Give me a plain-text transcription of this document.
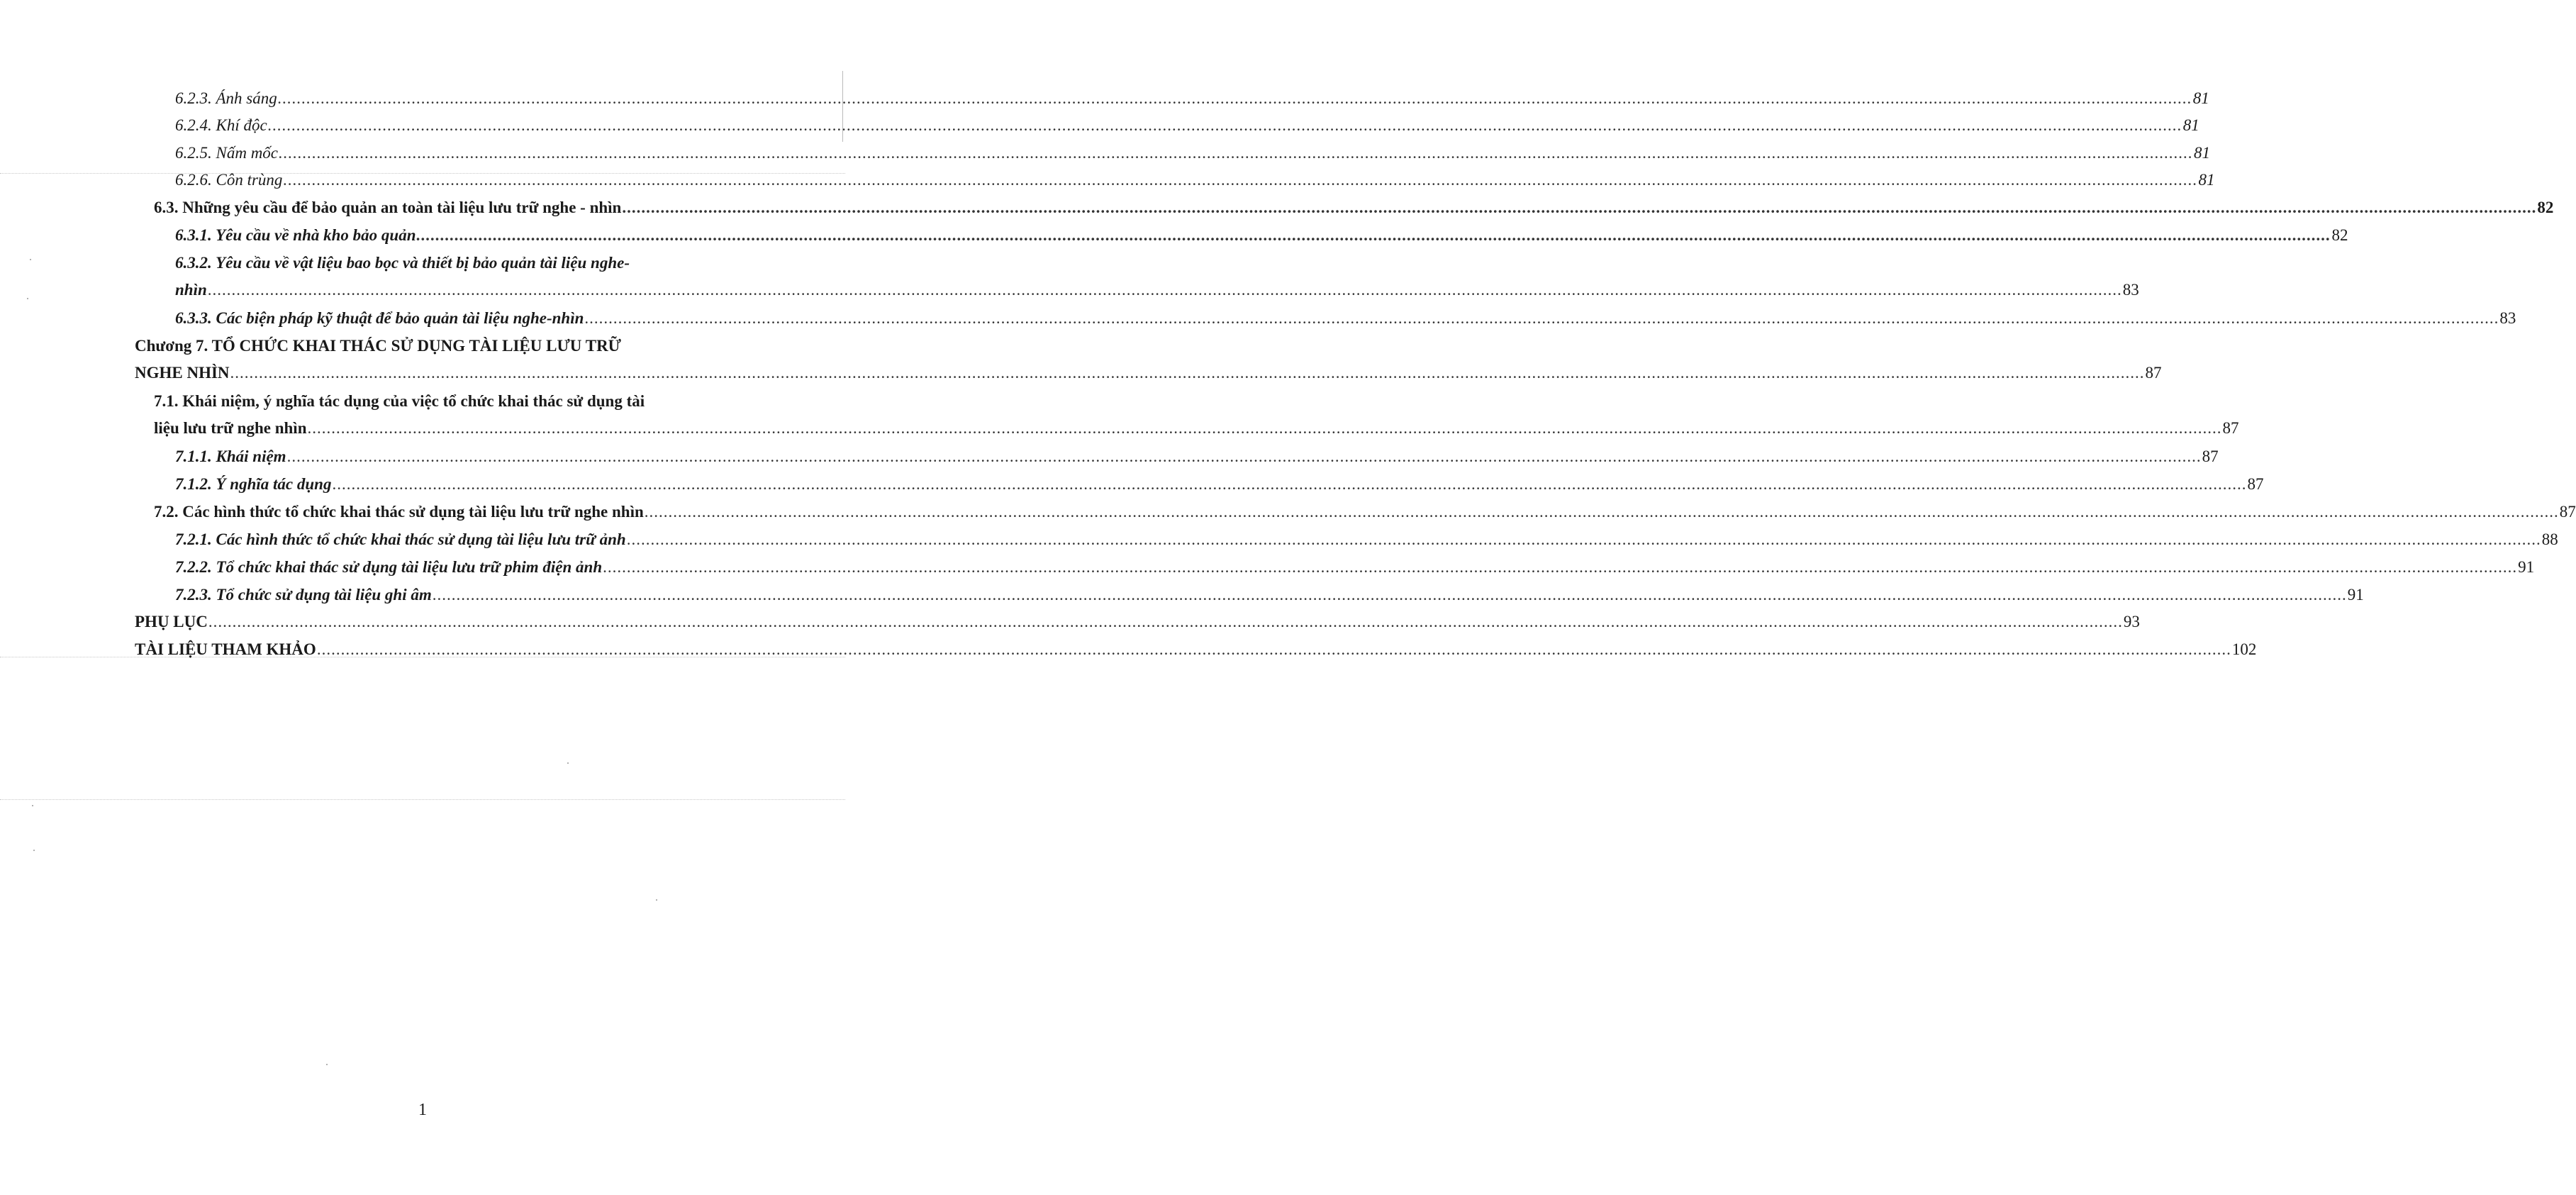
6.2.3. Ánh sáng ................................................................................................................................................................................................................................................................................................................................................................................................................ 81
6.2.4. Khí độc ................................................................................................................................................................................................................................................................................................................................................................................................................ 81
6.2.5. Nấm mốc ................................................................................................................................................................................................................................................................................................................................................................................................................ 81
6.2.6. Côn trùng ................................................................................................................................................................................................................................................................................................................................................................................................................ 81
6.3. Những yêu cầu để bảo quản an toàn tài liệu lưu trữ nghe - nhìn ................................................................................................................................................................................................................................................................................................................................................................................................................ 82
6.3.1. Yêu cầu về nhà kho bảo quản ................................................................................................................................................................................................................................................................................................................................................................................................................ 82
6.3.2. Yêu cầu về vật liệu bao bọc và thiết bị bảo quản tài liệu nghe-
nhìn ................................................................................................................................................................................................................................................................................................................................................................................................................ 83
6.3.3. Các biện pháp kỹ thuật để bảo quản tài liệu nghe-nhìn ................................................................................................................................................................................................................................................................................................................................................................................................................ 83
Chương 7. TỔ CHỨC KHAI THÁC SỬ DỤNG TÀI LIỆU LƯU TRỮ
NGHE NHÌN ................................................................................................................................................................................................................................................................................................................................................................................................................ 87
7.1. Khái niệm, ý nghĩa tác dụng của việc tổ chức khai thác sử dụng tài
liệu lưu trữ nghe nhìn ................................................................................................................................................................................................................................................................................................................................................................................................................ 87
7.1.1. Khái niệm ................................................................................................................................................................................................................................................................................................................................................................................................................ 87
7.1.2. Ý nghĩa tác dụng ................................................................................................................................................................................................................................................................................................................................................................................................................ 87
7.2. Các hình thức tổ chức khai thác sử dụng tài liệu lưu trữ nghe nhìn ................................................................................................................................................................................................................................................................................................................................................................................................................ 87
7.2.1. Các hình thức tổ chức khai thác sử dụng tài liệu lưu trữ ảnh ................................................................................................................................................................................................................................................................................................................................................................................................................ 88
7.2.2. Tổ chức khai thác sử dụng tài liệu lưu trữ phim điện ảnh ................................................................................................................................................................................................................................................................................................................................................................................................................ 91
7.2.3. Tổ chức sử dụng tài liệu ghi âm ................................................................................................................................................................................................................................................................................................................................................................................................................ 91
PHỤ LỤC ................................................................................................................................................................................................................................................................................................................................................................................................................ 93
TÀI LIỆU THAM KHẢO ................................................................................................................................................................................................................................................................................................................................................................................................................ 102
1
